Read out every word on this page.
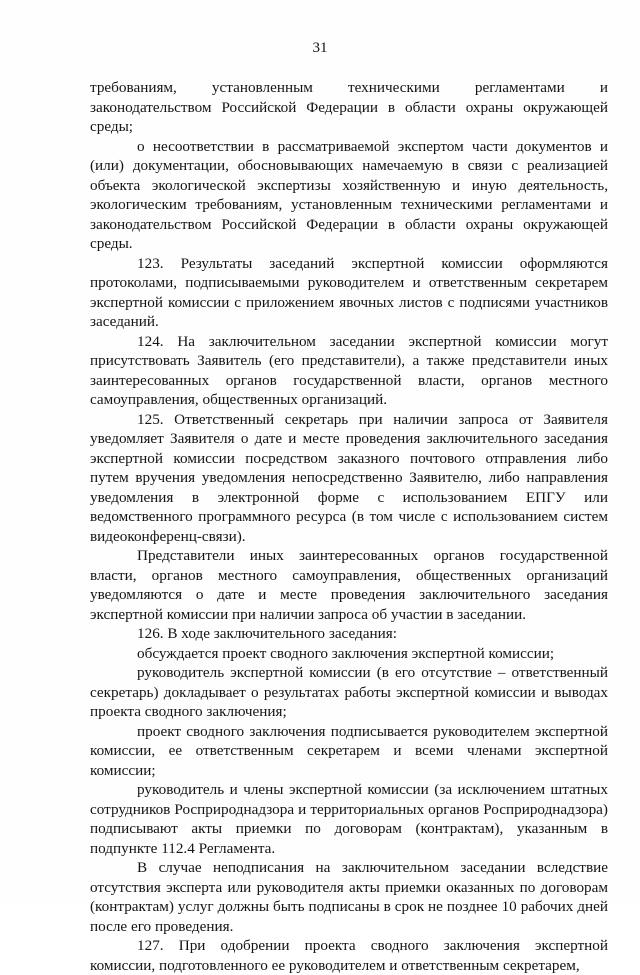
31

требованиям, установленным техническими регламентами и законодательством Российской Федерации в области охраны окружающей среды;

о несоответствии в рассматриваемой экспертом части документов и (или) документации, обосновывающих намечаемую в связи с реализацией объекта экологической экспертизы хозяйственную и иную деятельность, экологическим требованиям, установленным техническими регламентами и законодательством Российской Федерации в области охраны окружающей среды.

123. Результаты заседаний экспертной комиссии оформляются протоколами, подписываемыми руководителем и ответственным секретарем экспертной комиссии с приложением явочных листов с подписями участников заседаний.

124. На заключительном заседании экспертной комиссии могут присутствовать Заявитель (его представители), а также представители иных заинтересованных органов государственной власти, органов местного самоуправления, общественных организаций.

125. Ответственный секретарь при наличии запроса от Заявителя уведомляет Заявителя о дате и месте проведения заключительного заседания экспертной комиссии посредством заказного почтового отправления либо путем вручения уведомления непосредственно Заявителю, либо направления уведомления в электронной форме с использованием ЕПГУ или ведомственного программного ресурса (в том числе с использованием систем видеоконференц-связи).

Представители иных заинтересованных органов государственной власти, органов местного самоуправления, общественных организаций уведомляются о дате и месте проведения заключительного заседания экспертной комиссии при наличии запроса об участии в заседании.

126. В ходе заключительного заседания:

обсуждается проект сводного заключения экспертной комиссии;

руководитель экспертной комиссии (в его отсутствие – ответственный секретарь) докладывает о результатах работы экспертной комиссии и выводах проекта сводного заключения;

проект сводного заключения подписывается руководителем экспертной комиссии, ее ответственным секретарем и всеми членами экспертной комиссии;

руководитель и члены экспертной комиссии (за исключением штатных сотрудников Росприроднадзора и территориальных органов Росприроднадзора) подписывают акты приемки по договорам (контрактам), указанным в подпункте 112.4 Регламента.

В случае неподписания на заключительном заседании вследствие отсутствия эксперта или руководителя акты приемки оказанных по договорам (контрактам) услуг должны быть подписаны в срок не позднее 10 рабочих дней после его проведения.

127. При одобрении проекта сводного заключения экспертной комиссии, подготовленного ее руководителем и ответственным секретарем,
